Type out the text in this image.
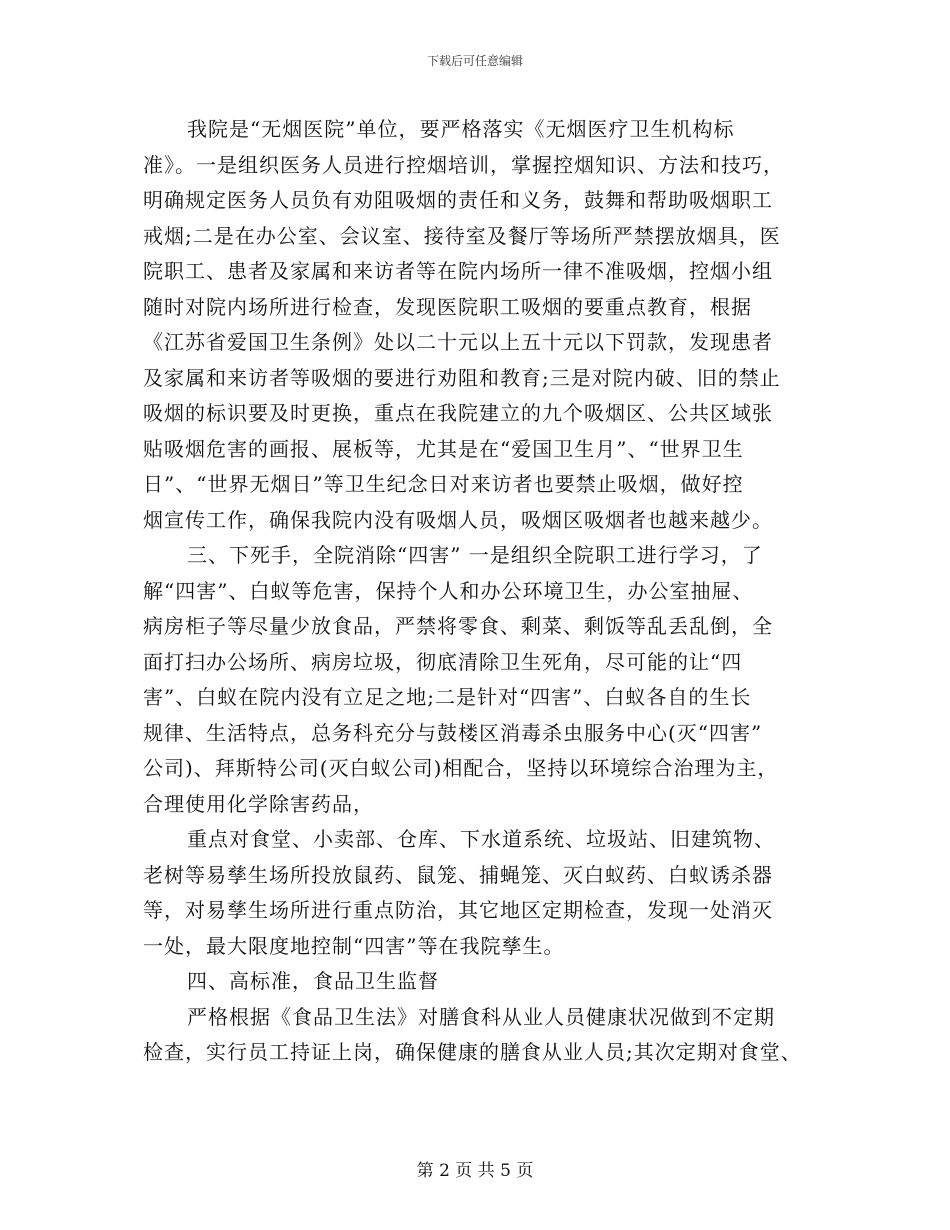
下载后可任意编辑
我院是“无烟医院”单位，要严格落实《无烟医疗卫生机构标
准》。一是组织医务人员进行控烟培训，掌握控烟知识、方法和技巧，
明确规定医务人员负有劝阻吸烟的责任和义务，鼓舞和帮助吸烟职工
戒烟;二是在办公室、会议室、接待室及餐厅等场所严禁摆放烟具，医
院职工、患者及家属和来访者等在院内场所一律不准吸烟，控烟小组
随时对院内场所进行检查，发现医院职工吸烟的要重点教育，根据
《江苏省爱国卫生条例》处以二十元以上五十元以下罚款，发现患者
及家属和来访者等吸烟的要进行劝阻和教育;三是对院内破、旧的禁止
吸烟的标识要及时更换，重点在我院建立的九个吸烟区、公共区域张
贴吸烟危害的画报、展板等，尤其是在“爱国卫生月”、“世界卫生
日”、“世界无烟日”等卫生纪念日对来访者也要禁止吸烟，做好控
烟宣传工作，确保我院内没有吸烟人员，吸烟区吸烟者也越来越少。
三、下死手，全院消除“四害” 一是组织全院职工进行学习，了
解“四害”、白蚁等危害，保持个人和办公环境卫生，办公室抽屉、
病房柜子等尽量少放食品，严禁将零食、剩菜、剩饭等乱丢乱倒，全
面打扫办公场所、病房垃圾，彻底清除卫生死角，尽可能的让“四
害”、白蚁在院内没有立足之地;二是针对“四害”、白蚁各自的生长
规律、生活特点，总务科充分与鼓楼区消毒杀虫服务中心(灭“四害”
公司)、拜斯特公司(灭白蚁公司)相配合，坚持以环境综合治理为主，
合理使用化学除害药品，
重点对食堂、小卖部、仓库、下水道系统、垃圾站、旧建筑物、
老树等易孳生场所投放鼠药、鼠笼、捕蝇笼、灭白蚁药、白蚁诱杀器
等，对易孳生场所进行重点防治，其它地区定期检查，发现一处消灭
一处，最大限度地控制“四害”等在我院孳生。
四、高标准，食品卫生监督
严格根据《食品卫生法》对膳食科从业人员健康状况做到不定期
检查，实行员工持证上岗，确保健康的膳食从业人员;其次定期对食堂、
第 2 页 共 5 页
